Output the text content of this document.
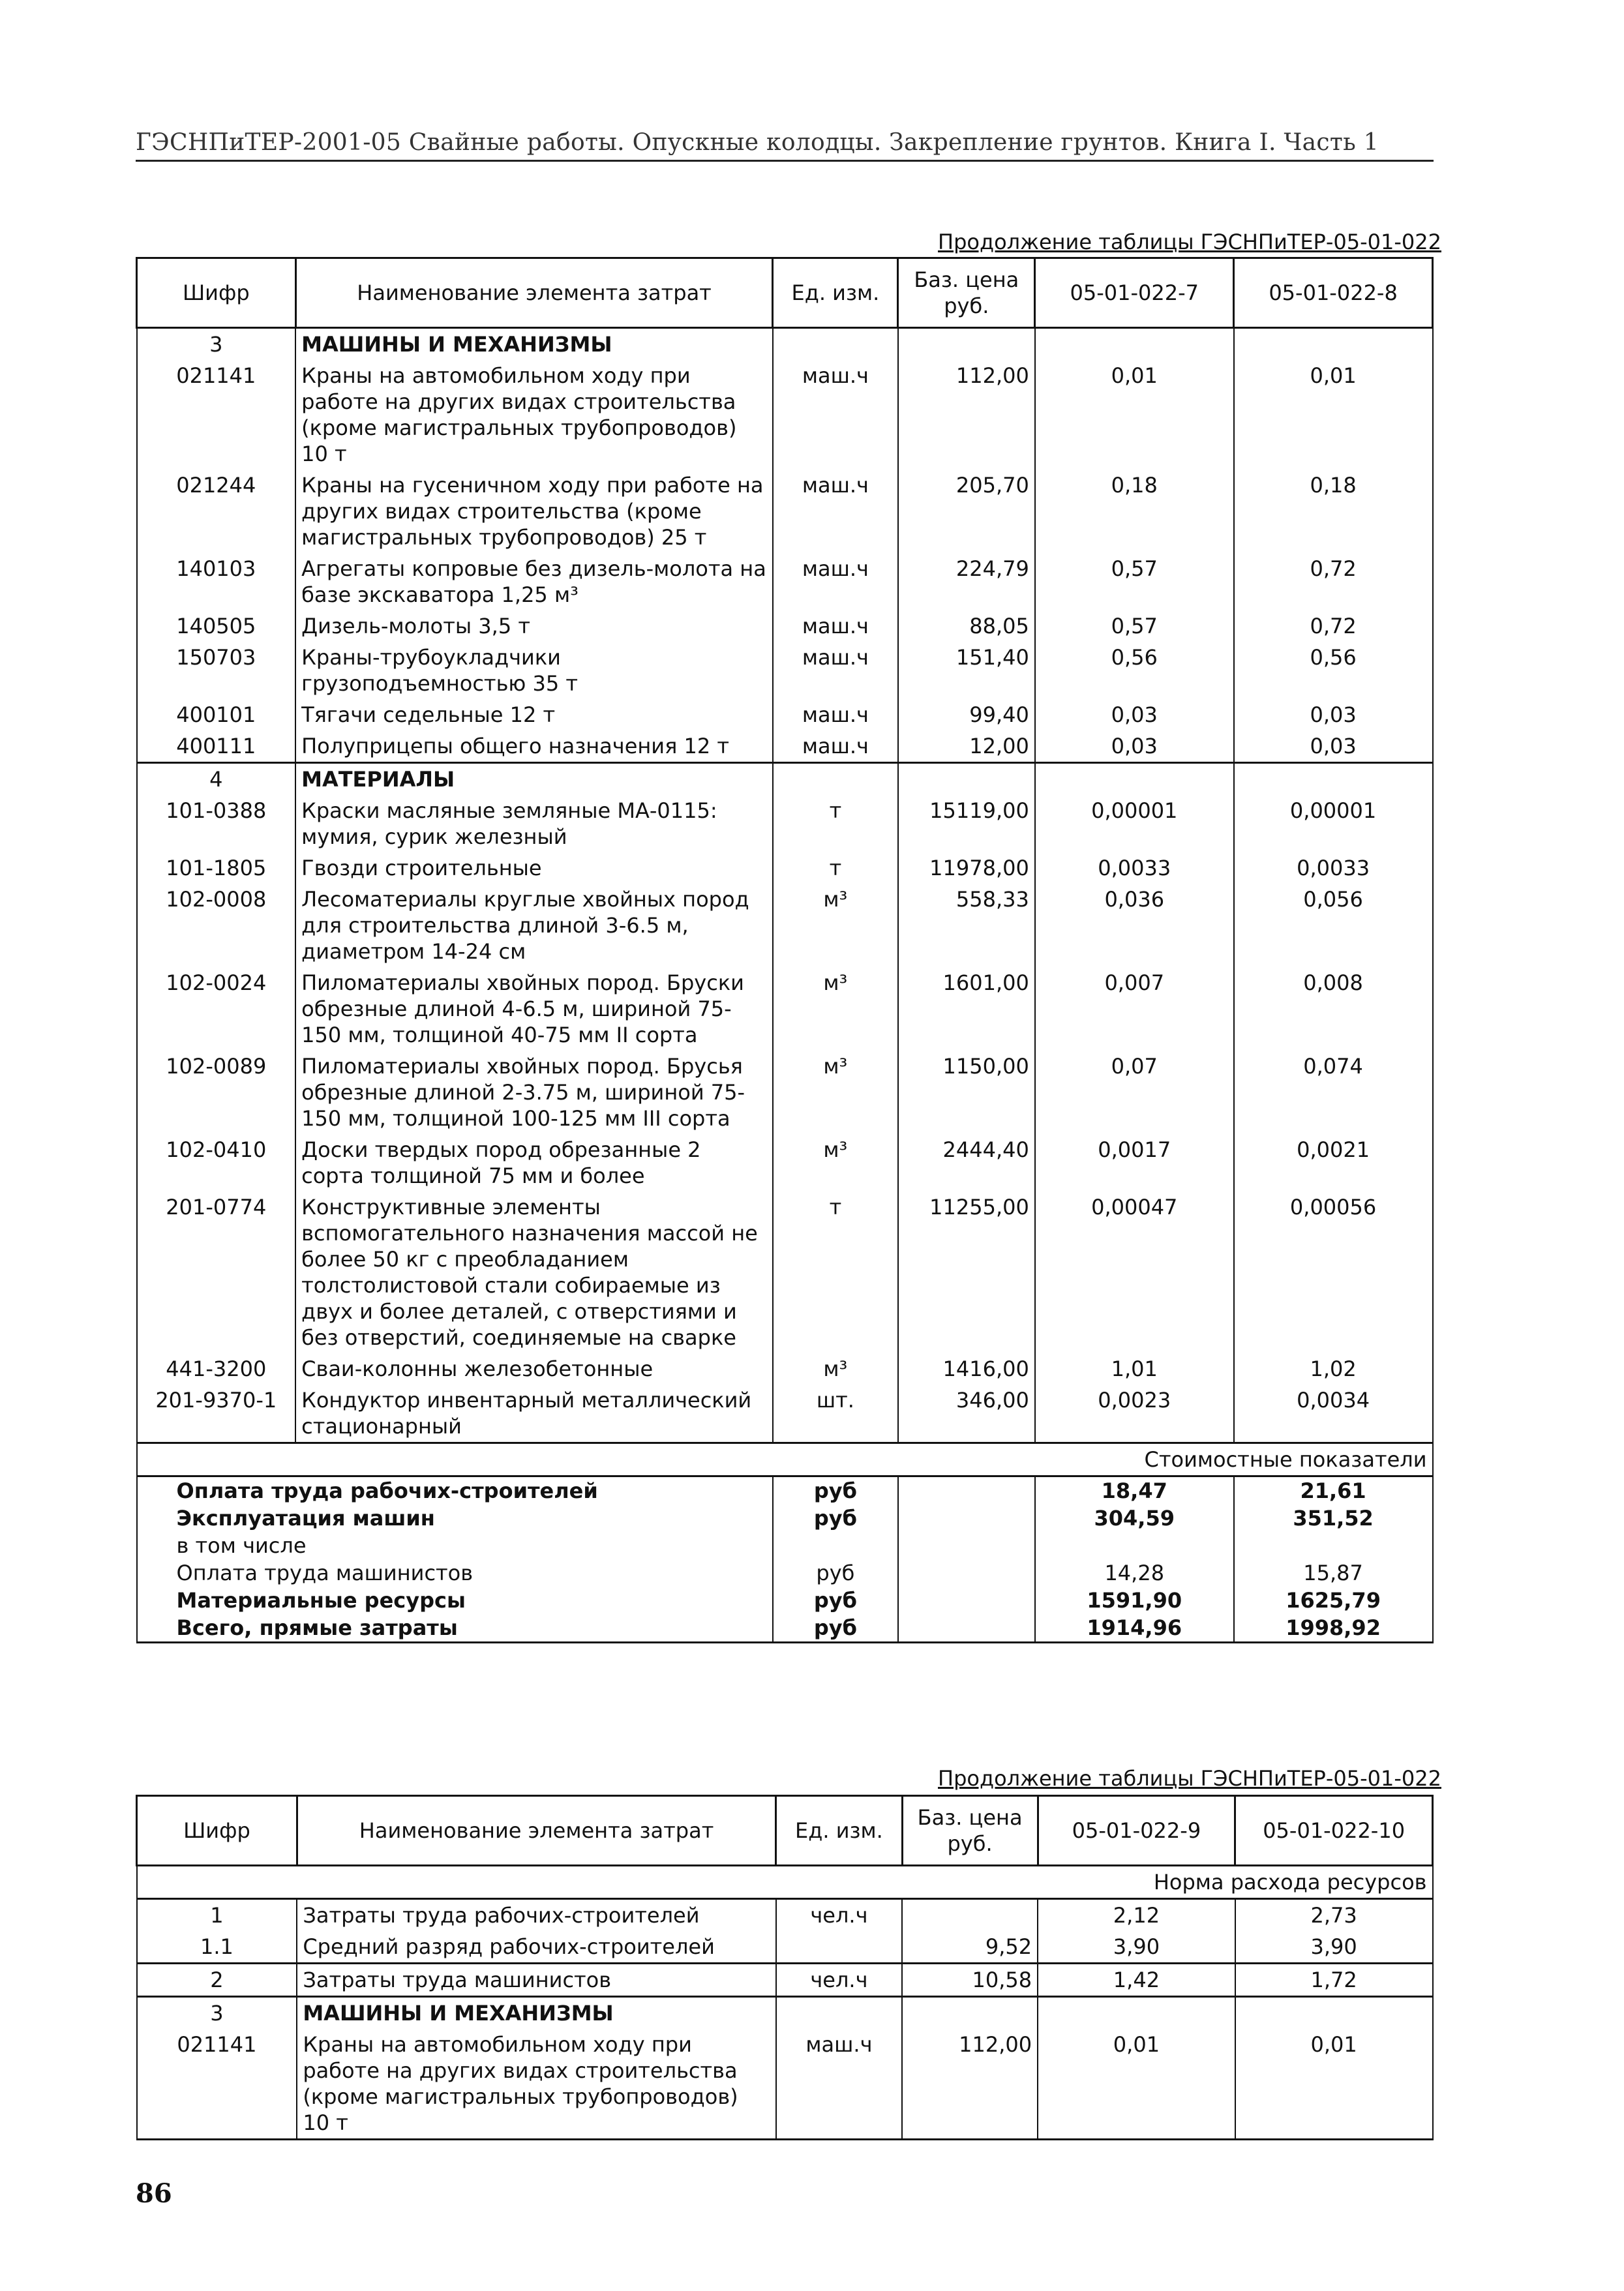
ГЭСНПиТЕР-2001-05 Свайные работы. Опускные колодцы. Закрепление грунтов. Книга I. Часть 1
Продолжение таблицы ГЭСНПиТЕР-05-01-022
Шифр	Наименование элемента затрат	Ед. изм.	Баз. цена руб.	05-01-022-7	05-01-022-8
3	МАШИНЫ И МЕХАНИЗМЫ				
021141	Краны на автомобильном ходу при работе на других видах строительства (кроме магистральных трубопроводов) 10 т	маш.ч	112,00	0,01	0,01
021244	Краны на гусеничном ходу при работе на других видах строительства (кроме магистральных трубопроводов) 25 т	маш.ч	205,70	0,18	0,18
140103	Агрегаты копровые без дизель-молота на базе экскаватора 1,25 м³	маш.ч	224,79	0,57	0,72
140505	Дизель-молоты 3,5 т	маш.ч	88,05	0,57	0,72
150703	Краны-трубоукладчики грузоподъемностью 35 т	маш.ч	151,40	0,56	0,56
400101	Тягачи седельные 12 т	маш.ч	99,40	0,03	0,03
400111	Полуприцепы общего назначения 12 т	маш.ч	12,00	0,03	0,03
4	МАТЕРИАЛЫ				
101-0388	Краски масляные земляные МА-0115: мумия, сурик железный	т	15119,00	0,00001	0,00001
101-1805	Гвозди строительные	т	11978,00	0,0033	0,0033
102-0008	Лесоматериалы круглые хвойных пород для строительства длиной 3-6.5 м, диаметром 14-24 см	м³	558,33	0,036	0,056
102-0024	Пиломатериалы хвойных пород. Бруски обрезные длиной 4-6.5 м, шириной 75-150 мм, толщиной 40-75 мм II сорта	м³	1601,00	0,007	0,008
102-0089	Пиломатериалы хвойных пород. Брусья обрезные длиной 2-3.75 м, шириной 75-150 мм, толщиной 100-125 мм III сорта	м³	1150,00	0,07	0,074
102-0410	Доски твердых пород обрезанные 2 сорта толщиной 75 мм и более	м³	2444,40	0,0017	0,0021
201-0774	Конструктивные элементы вспомогательного назначения массой не более 50 кг с преобладанием толстолистовой стали собираемые из двух и более деталей, с отверстиями и без отверстий, соединяемые на сварке	т	11255,00	0,00047	0,00056
441-3200	Сваи-колонны железобетонные	м³	1416,00	1,01	1,02
201-9370-1	Кондуктор инвентарный металлический стационарный	шт.	346,00	0,0023	0,0034
Стоимостные показатели					
Оплата труда рабочих-строителей		руб		18,47	21,61
Эксплуатация машин		руб		304,59	351,52
в том числе					
Оплата труда машинистов		руб		14,28	15,87
Материальные ресурсы		руб		1591,90	1625,79
Всего, прямые затраты		руб		1914,96	1998,92
Продолжение таблицы ГЭСНПиТЕР-05-01-022
Шифр	Наименование элемента затрат	Ед. изм.	Баз. цена руб.	05-01-022-9	05-01-022-10
Норма расхода ресурсов					
1	Затраты труда рабочих-строителей	чел.ч		2,12	2,73
1.1	Средний разряд рабочих-строителей		9,52	3,90	3,90
2	Затраты труда машинистов	чел.ч	10,58	1,42	1,72
3	МАШИНЫ И МЕХАНИЗМЫ				
021141	Краны на автомобильном ходу при работе на других видах строительства (кроме магистральных трубопроводов) 10 т	маш.ч	112,00	0,01	0,01
86
